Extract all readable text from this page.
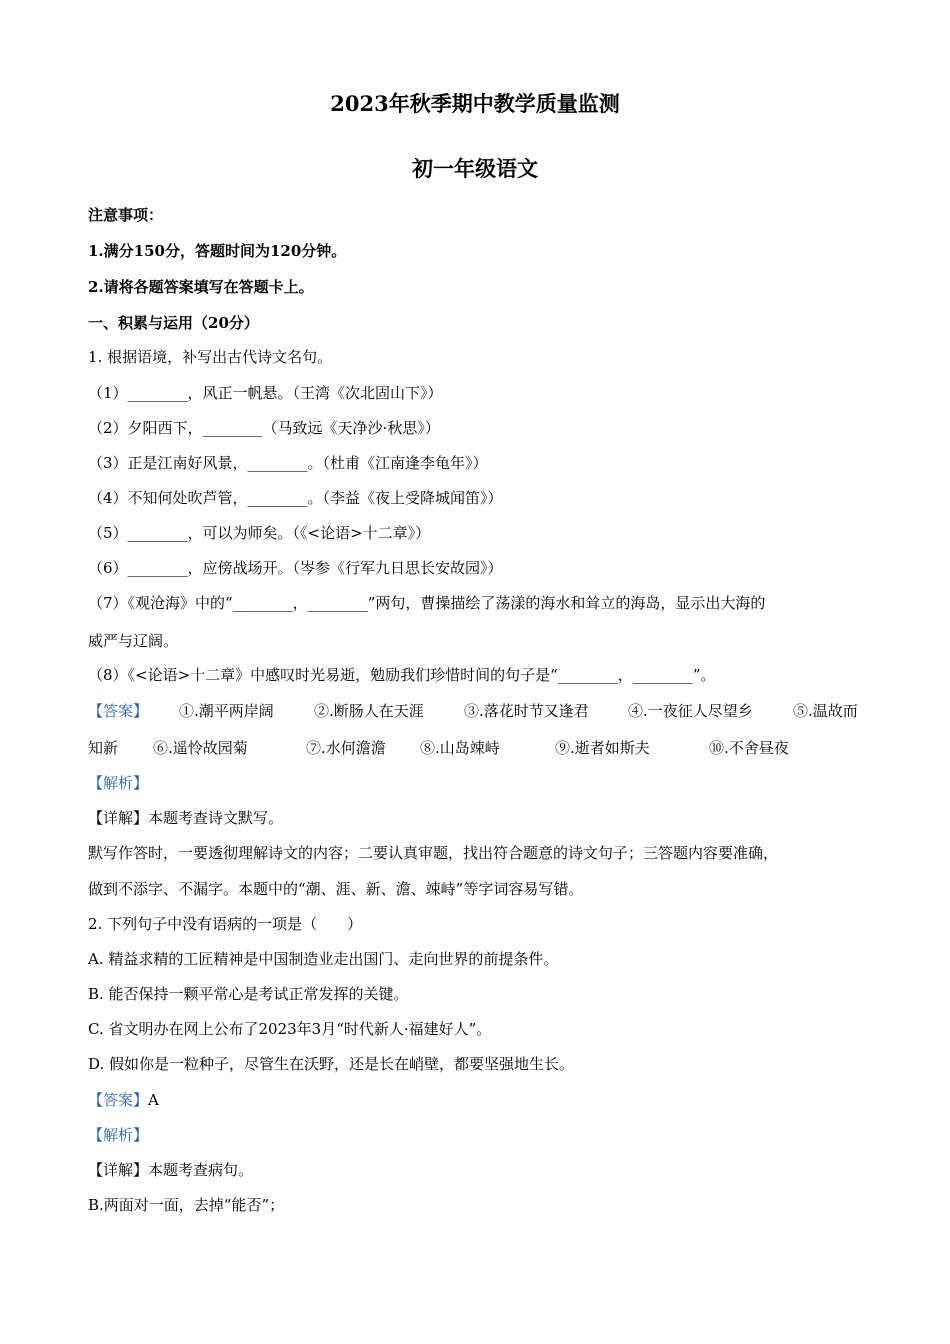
2023年秋季期中教学质量监测
初一年级语文
注意事项：
1.满分150分，答题时间为120分钟。
2.请将各题答案填写在答题卡上。
一、积累与运用（20分）
1. 根据语境，补写出古代诗文名句。
（1）________，风正一帆悬。（王湾《次北固山下》）
（2）夕阳西下，________（马致远《天净沙·秋思》）
（3）正是江南好风景，________。（杜甫《江南逢李龟年》）
（4）不知何处吹芦管，________。（李益《夜上受降城闻笛》）
（5）________，可以为师矣。（《<论语>十二章》）
（6）________，应傍战场开。（岑参《行军九日思长安故园》）
（7）《观沧海》中的“________，________”两句，曹操描绘了荡漾的海水和耸立的海岛，显示出大海的
威严与辽阔。
（8）《<论语>十二章》中感叹时光易逝，勉励我们珍惜时间的句子是“________，________”。
【答案】 ①.潮平两岸阔	②.断肠人在天涯	③.落花时节又逢君	④.一夜征人尽望乡	⑤.温故而
知新 ⑥.遥怜故园菊	⑦.水何澹澹 ⑧.山岛竦峙	⑨.逝者如斯夫	⑩.不舍昼夜
【解析】
【详解】本题考查诗文默写。
默写作答时，一要透彻理解诗文的内容；二要认真审题，找出符合题意的诗文句子；三答题内容要准确，
做到不添字、不漏字。本题中的“潮、涯、新、澹、竦峙”等字词容易写错。
2. 下列句子中没有语病的一项是（　　）
A. 精益求精的工匠精神是中国制造业走出国门、走向世界的前提条件。
B. 能否保持一颗平常心是考试正常发挥的关键。
C. 省文明办在网上公布了2023年3月“时代新人·福建好人”。
D. 假如你是一粒种子，尽管生在沃野，还是长在峭壁，都要坚强地生长。
【答案】A
【解析】
【详解】本题考查病句。
B.两面对一面，去掉“能否”；
